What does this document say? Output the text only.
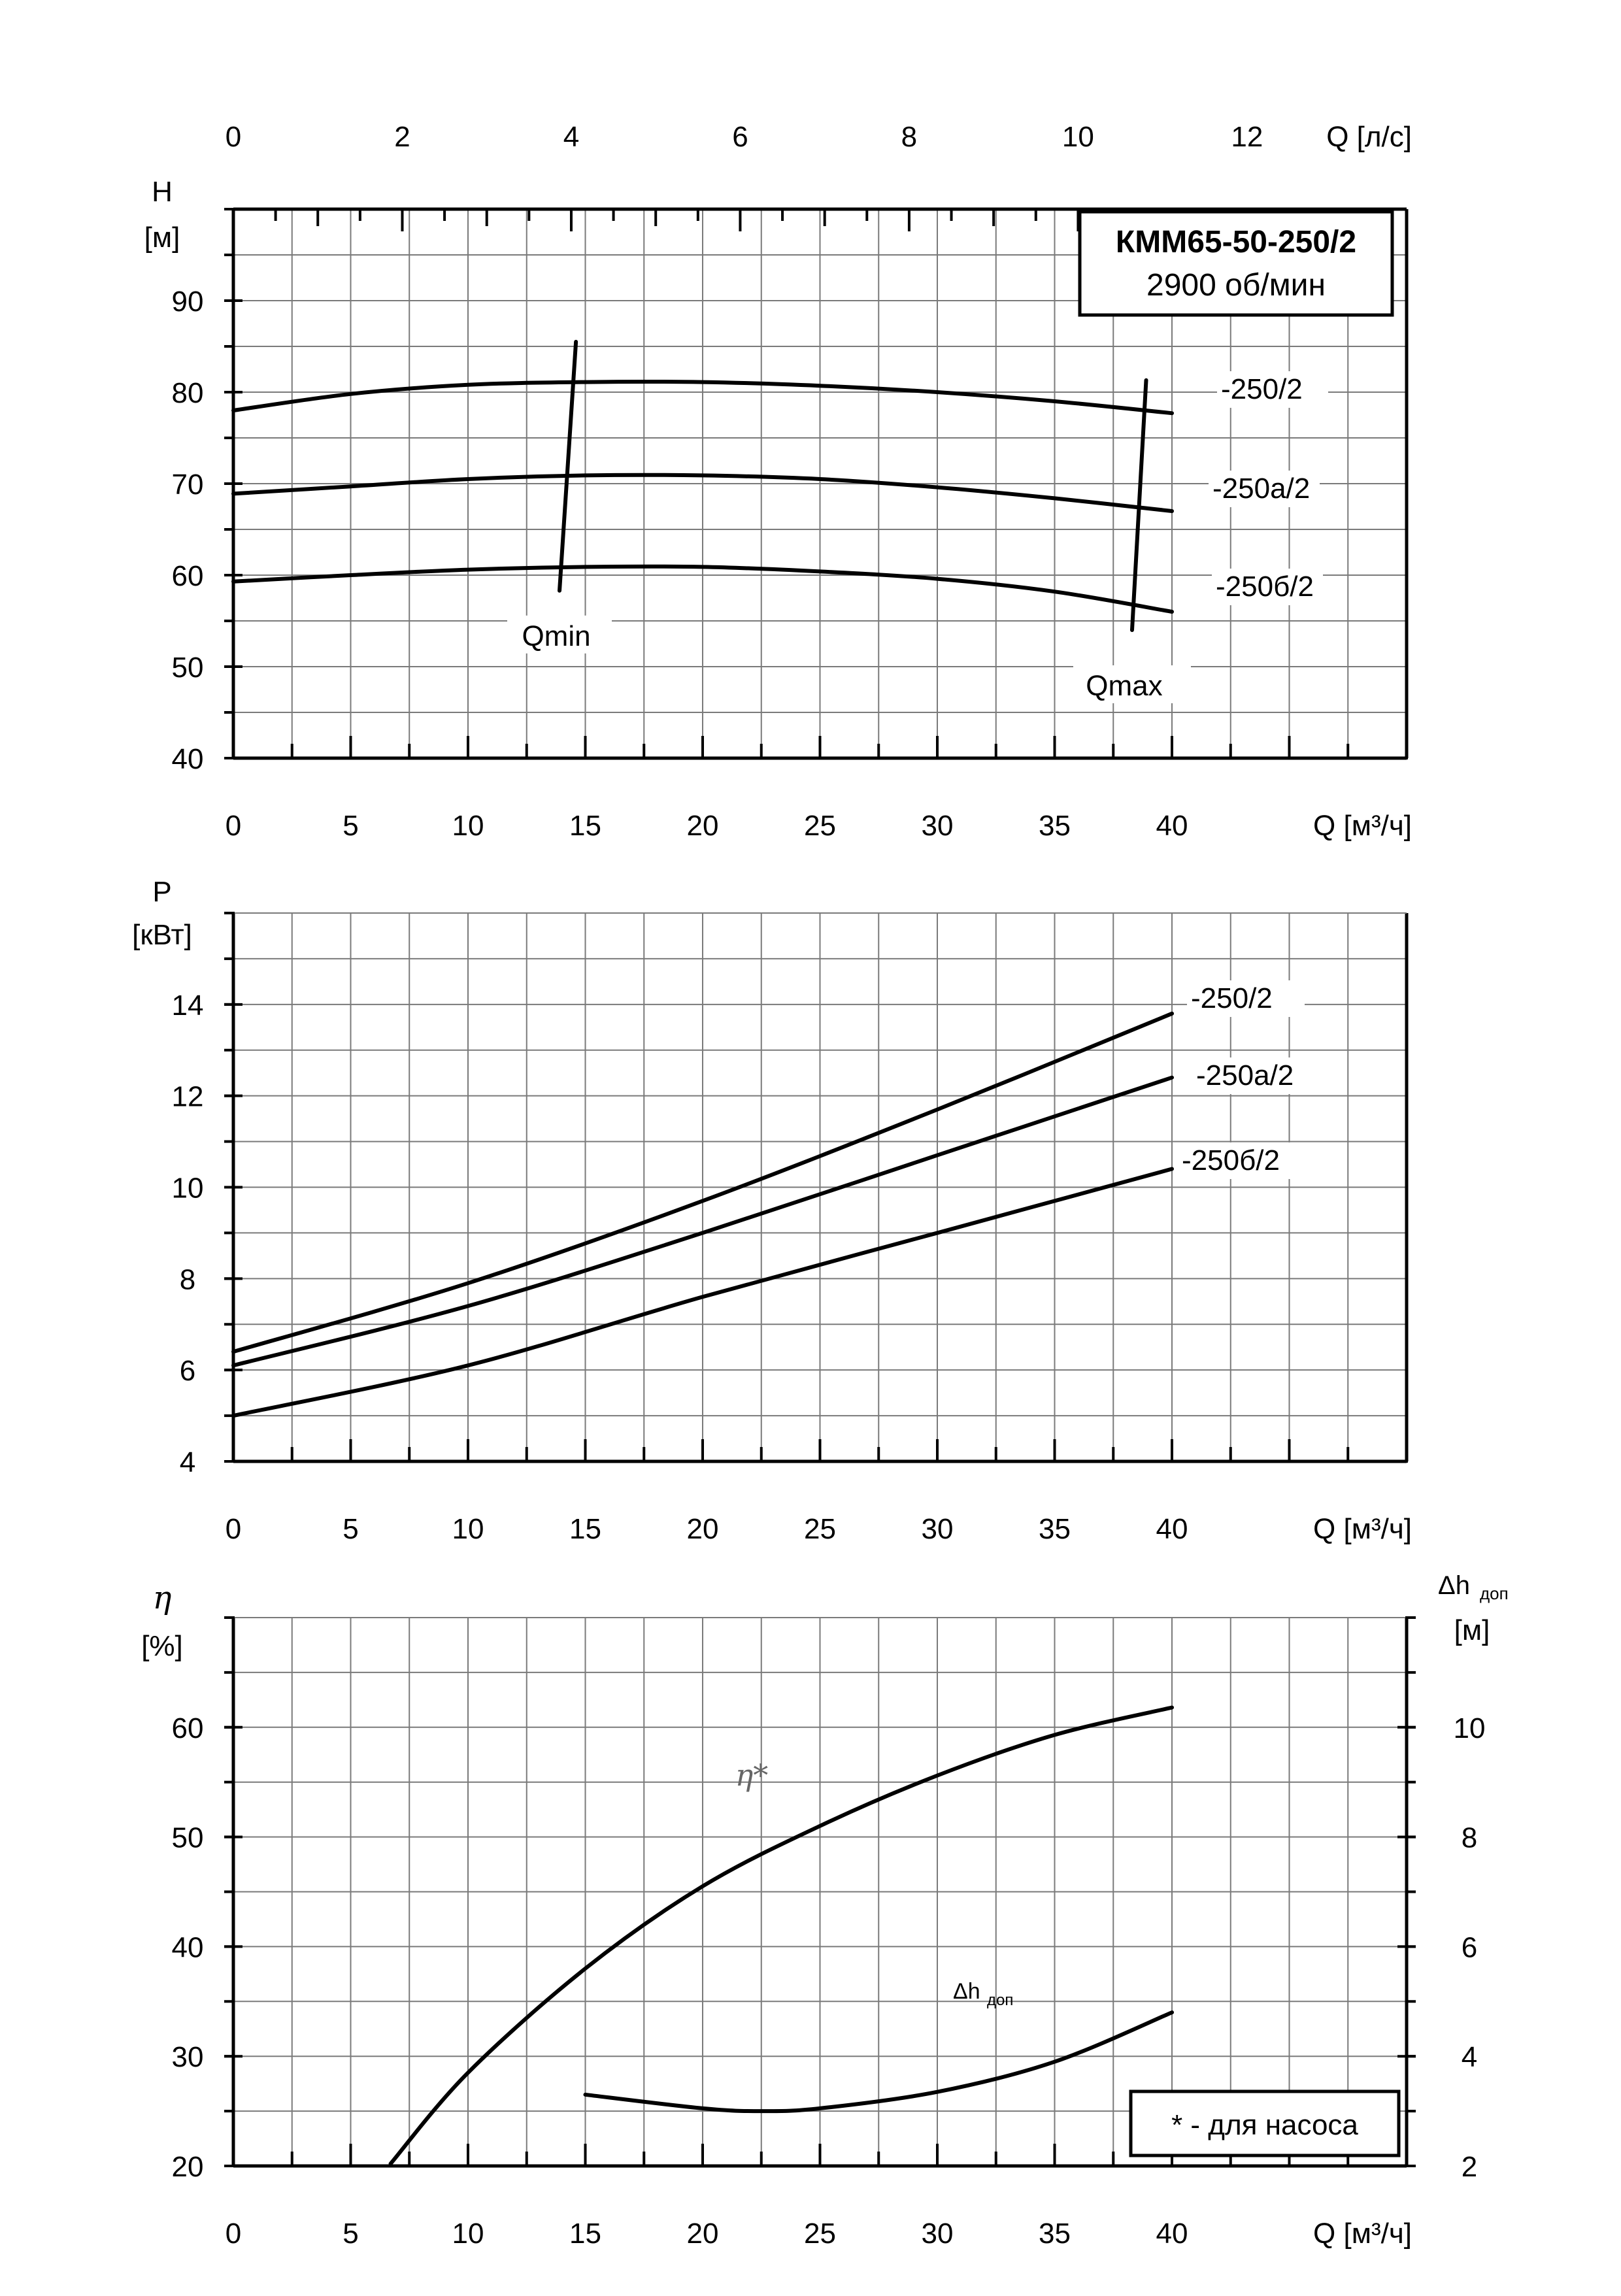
0	5	10	15	20	25	30	35	40	Q [м³/ч]
40
50
60
70
80
90
0	2	4	6	8	10	12 Q [л/с]
H
[м]	КММ65-50-250/2
2900 об/мин
-250/2
-250а/2
-250б/2
Qmin
Qmax
0	5	10	15	20	25	30	35	40	Q [м³/ч]
4
6
8
10
12
14
P
[кВт]
-250/2
-250а/2
-250б/2
0	5	10	15	20	25	30	35	40	Q [м³/ч]
20
30
40
50
60
2
4
6
8
10
η
[%]
Δh доп
[м]
η*
Δh доп
* - для насоса
